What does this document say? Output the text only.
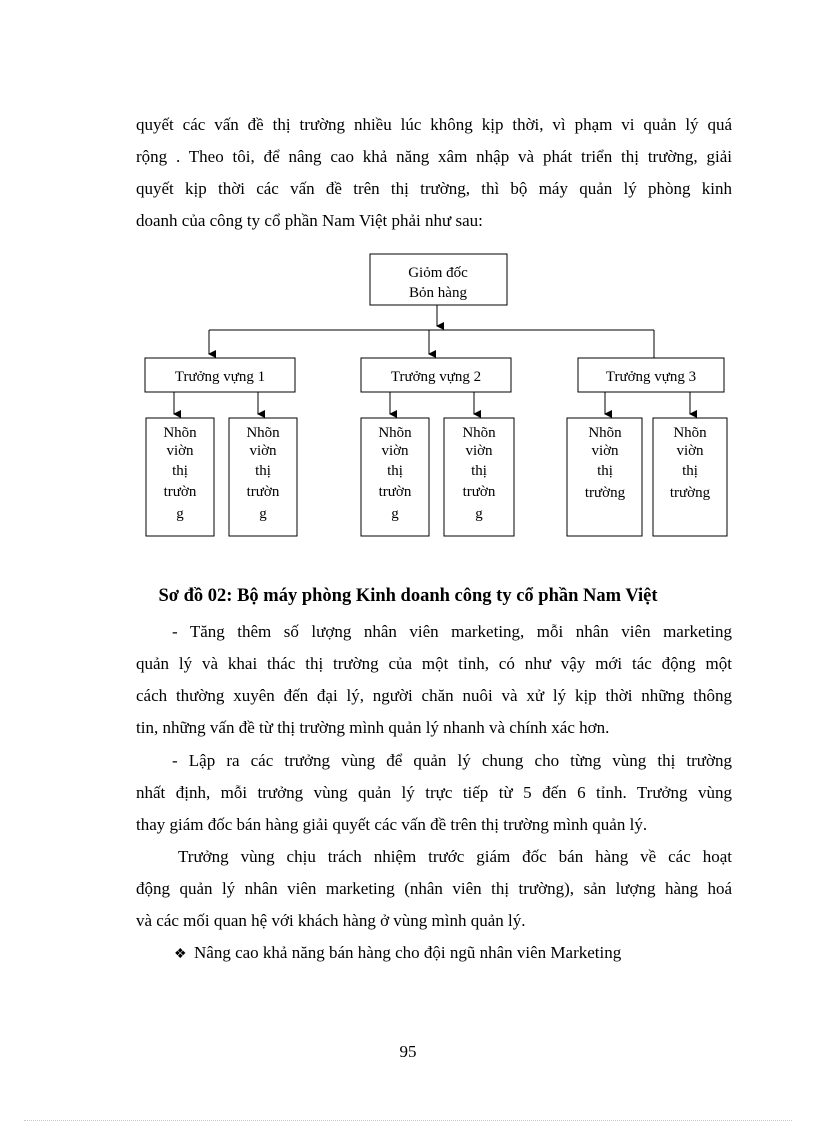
quyết các vấn đề thị trường nhiều lúc không kịp thời, vì phạm vi quản lý quá
rộng . Theo tôi, để nâng cao khả năng xâm nhập và phát triển thị trường, giải
quyết kịp thời các vấn đề trên thị trường, thì bộ máy quản lý phòng kinh
doanh của công ty cổ phần Nam Việt phải như sau:
Giỏm đốc
Bỏn hàng
Trưởng vựng 1	Trưởng vựng 2	Trưởng vựng 3
Nhõn
viờn
thị
trườn
g
Nhõn
viờn
thị
trườn
g
Nhõn
viờn
thị
trườn
g
Nhõn
viờn
thị
trườn
g
Nhõn
viờn
thị
trường
Nhõn
viờn
thị
trường
Sơ đồ 02: Bộ máy phòng Kinh doanh công ty cổ phần Nam Việt
- Tăng thêm số lượng nhân viên marketing, mỗi nhân viên marketing
quản lý và khai thác thị trường của một tỉnh, có như vậy mới tác động một
cách thường xuyên đến đại lý, người chăn nuôi và xử lý kịp thời những thông
tin, những vấn đề từ thị trường mình quản lý nhanh và chính xác hơn.
- Lập ra các trưởng vùng để quản lý chung cho từng vùng thị trường
nhất định, mỗi trưởng vùng quản lý trực tiếp từ 5 đến 6 tỉnh. Trưởng vùng
thay giám đốc bán hàng giải quyết các vấn đề trên thị trường mình quản lý.
Trưởng vùng chịu trách nhiệm trước giám đốc bán hàng về các hoạt
động quản lý nhân viên marketing (nhân viên thị trường), sản lượng hàng hoá
và các mối quan hệ với khách hàng ở vùng mình quản lý.
❖ Nâng cao khả năng bán hàng cho đội ngũ nhân viên Marketing
95
